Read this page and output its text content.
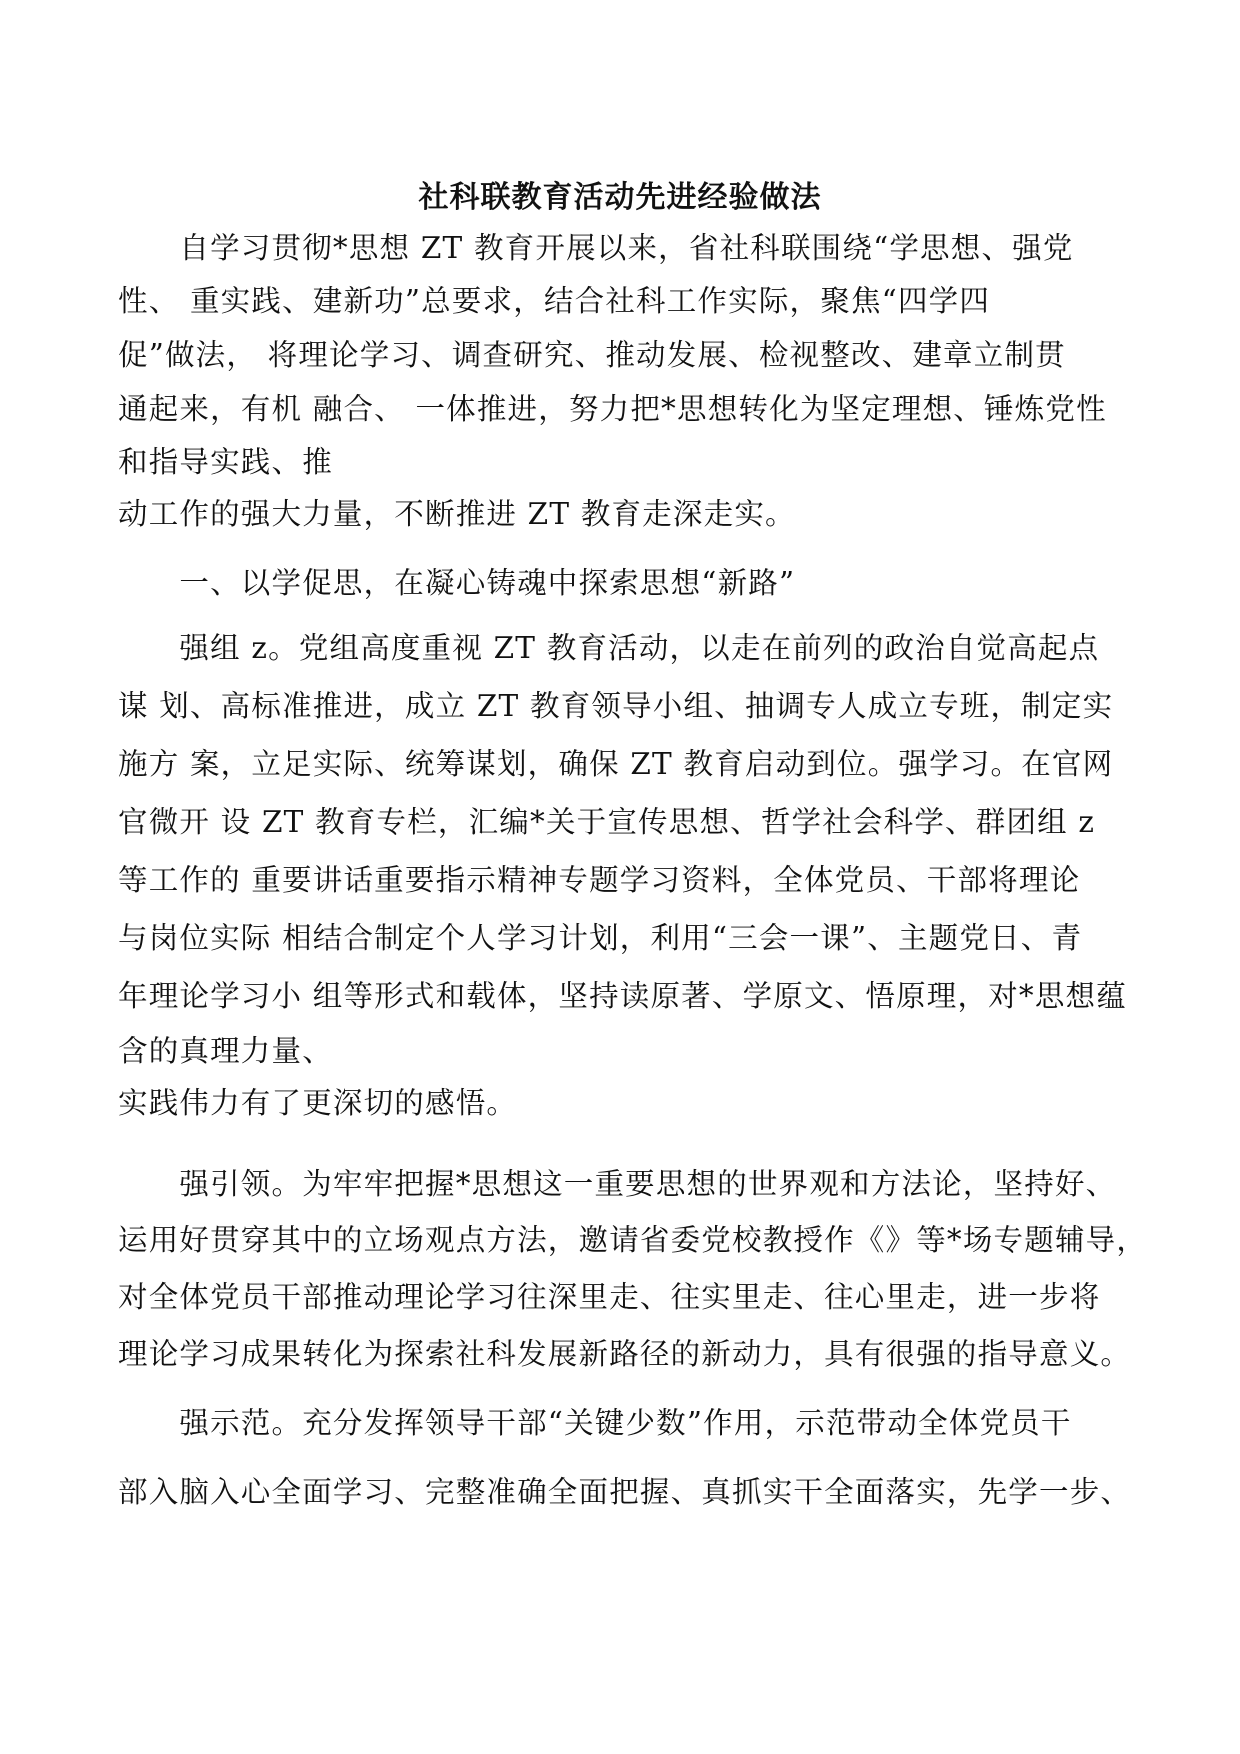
社科联教育活动先进经验做法
　　自学习贯彻*思想 ZT 教育开展以来，省社科联围绕“学思想、强党
性、 重实践、建新功”总要求，结合社科工作实际，聚焦“四学四
促”做法， 将理论学习、调查研究、推动发展、检视整改、建章立制贯
通起来，有机 融合、 一体推进，努力把*思想转化为坚定理想、锤炼党性
和指导实践、推
动工作的强大力量，不断推进 ZT 教育走深走实。
　　一、以学促思，在凝心铸魂中探索思想“新路”
　　强组 z。党组高度重视 ZT 教育活动，以走在前列的政治自觉高起点
谋 划、高标准推进，成立 ZT 教育领导小组、抽调专人成立专班，制定实
施方 案，立足实际、统筹谋划，确保 ZT 教育启动到位。强学习。在官网
官微开 设 ZT 教育专栏，汇编*关于宣传思想、哲学社会科学、群团组 z
等工作的 重要讲话重要指示精神专题学习资料，全体党员、干部将理论
与岗位实际 相结合制定个人学习计划，利用“三会一课”、主题党日、青
年理论学习小 组等形式和载体，坚持读原著、学原文、悟原理，对*思想蕴
含的真理力量、
实践伟力有了更深切的感悟。
　　强引领。为牢牢把握*思想这一重要思想的世界观和方法论，坚持好、
运用好贯穿其中的立场观点方法，邀请省委党校教授作《》等*场专题辅导，
对全体党员干部推动理论学习往深里走、往实里走、往心里走，进一步将
理论学习成果转化为探索社科发展新路径的新动力，具有很强的指导意义。
　　强示范。充分发挥领导干部“关键少数”作用，示范带动全体党员干
部入脑入心全面学习、完整准确全面把握、真抓实干全面落实，先学一步、
